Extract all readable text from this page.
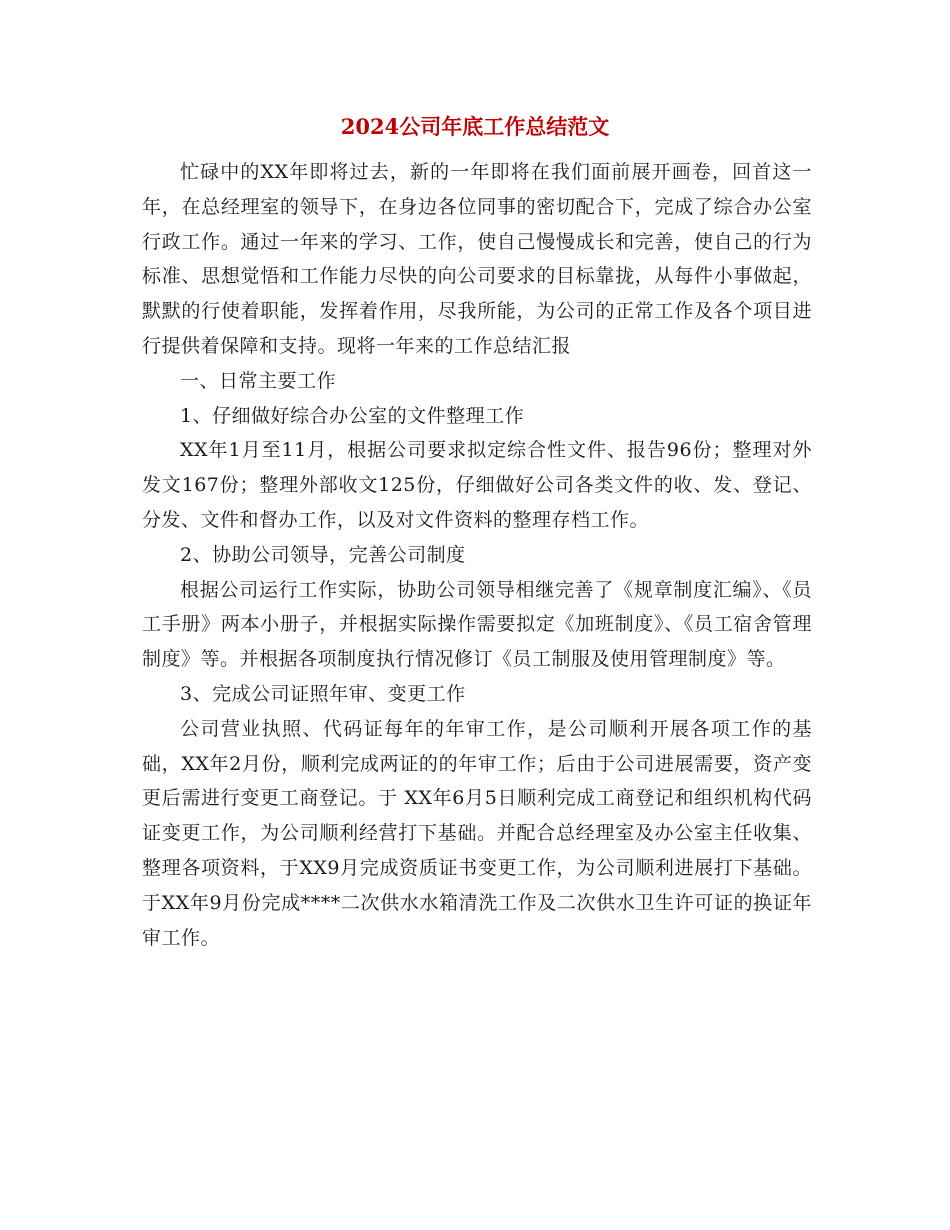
2024公司年底工作总结范文

忙碌中的XX年即将过去，新的一年即将在我们面前展开画卷，回首这一年，在总经理室的领导下，在身边各位同事的密切配合下，完成了综合办公室行政工作。通过一年来的学习、工作，使自己慢慢成长和完善，使自己的行为标准、思想觉悟和工作能力尽快的向公司要求的目标靠拢，从每件小事做起，默默的行使着职能，发挥着作用，尽我所能，为公司的正常工作及各个项目进行提供着保障和支持。现将一年来的工作总结汇报

一、日常主要工作

1、仔细做好综合办公室的文件整理工作

XX年1月至11月，根据公司要求拟定综合性文件、报告96份；整理对外发文167份；整理外部收文125份，仔细做好公司各类文件的收、发、登记、分发、文件和督办工作，以及对文件资料的整理存档工作。

2、协助公司领导，完善公司制度

根据公司运行工作实际，协助公司领导相继完善了《规章制度汇编》、《员工手册》两本小册子，并根据实际操作需要拟定《加班制度》、《员工宿舍管理制度》等。并根据各项制度执行情况修订《员工制服及使用管理制度》等。

3、完成公司证照年审、变更工作

公司营业执照、代码证每年的年审工作，是公司顺利开展各项工作的基础，XX年2月份，顺利完成两证的的年审工作；后由于公司进展需要，资产变更后需进行变更工商登记。于 XX年6月5日顺利完成工商登记和组织机构代码证变更工作，为公司顺利经营打下基础。并配合总经理室及办公室主任收集、整理各项资料，于XX9月完成资质证书变更工作，为公司顺利进展打下基础。于XX年9月份完成****二次供水水箱清洗工作及二次供水卫生许可证的换证年审工作。
